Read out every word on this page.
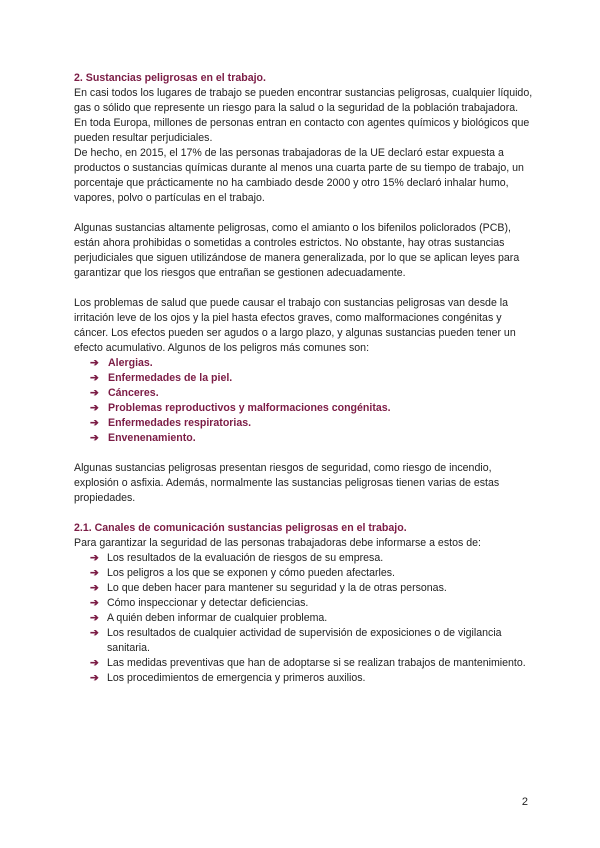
2. Sustancias peligrosas en el trabajo.

En casi todos los lugares de trabajo se pueden encontrar sustancias peligrosas, cualquier líquido, gas o sólido que represente un riesgo para la salud o la seguridad de la población trabajadora.

En toda Europa, millones de personas entran en contacto con agentes químicos y biológicos que pueden resultar perjudiciales.

De hecho, en 2015, el 17% de las personas trabajadoras de la UE declaró estar expuesta a productos o sustancias químicas durante al menos una cuarta parte de su tiempo de trabajo, un porcentaje que prácticamente no ha cambiado desde 2000 y otro 15% declaró inhalar humo, vapores, polvo o partículas en el trabajo.

Algunas sustancias altamente peligrosas, como el amianto o los bifenilos policlorados (PCB), están ahora prohibidas o sometidas a controles estrictos. No obstante, hay otras sustancias perjudiciales que siguen utilizándose de manera generalizada, por lo que se aplican leyes para garantizar que los riesgos que entrañan se gestionen adecuadamente.

Los problemas de salud que puede causar el trabajo con sustancias peligrosas van desde la irritación leve de los ojos y la piel hasta efectos graves, como malformaciones congénitas y cáncer. Los efectos pueden ser agudos o a largo plazo, y algunas sustancias pueden tener un efecto acumulativo. Algunos de los peligros más comunes son:

➔ Alergias.
➔ Enfermedades de la piel.
➔ Cánceres.
➔ Problemas reproductivos y malformaciones congénitas.
➔ Enfermedades respiratorias.
➔ Envenenamiento.

Algunas sustancias peligrosas presentan riesgos de seguridad, como riesgo de incendio, explosión o asfixia. Además, normalmente las sustancias peligrosas tienen varias de estas propiedades.

2.1. Canales de comunicación sustancias peligrosas en el trabajo.

Para garantizar la seguridad de las personas trabajadoras debe informarse a estos de:

➔ Los resultados de la evaluación de riesgos de su empresa.
➔ Los peligros a los que se exponen y cómo pueden afectarles.
➔ Lo que deben hacer para mantener su seguridad y la de otras personas.
➔ Cómo inspeccionar y detectar deficiencias.
➔ A quién deben informar de cualquier problema.
➔ Los resultados de cualquier actividad de supervisión de exposiciones o de vigilancia sanitaria.
➔ Las medidas preventivas que han de adoptarse si se realizan trabajos de mantenimiento.
➔ Los procedimientos de emergencia y primeros auxilios.
2
